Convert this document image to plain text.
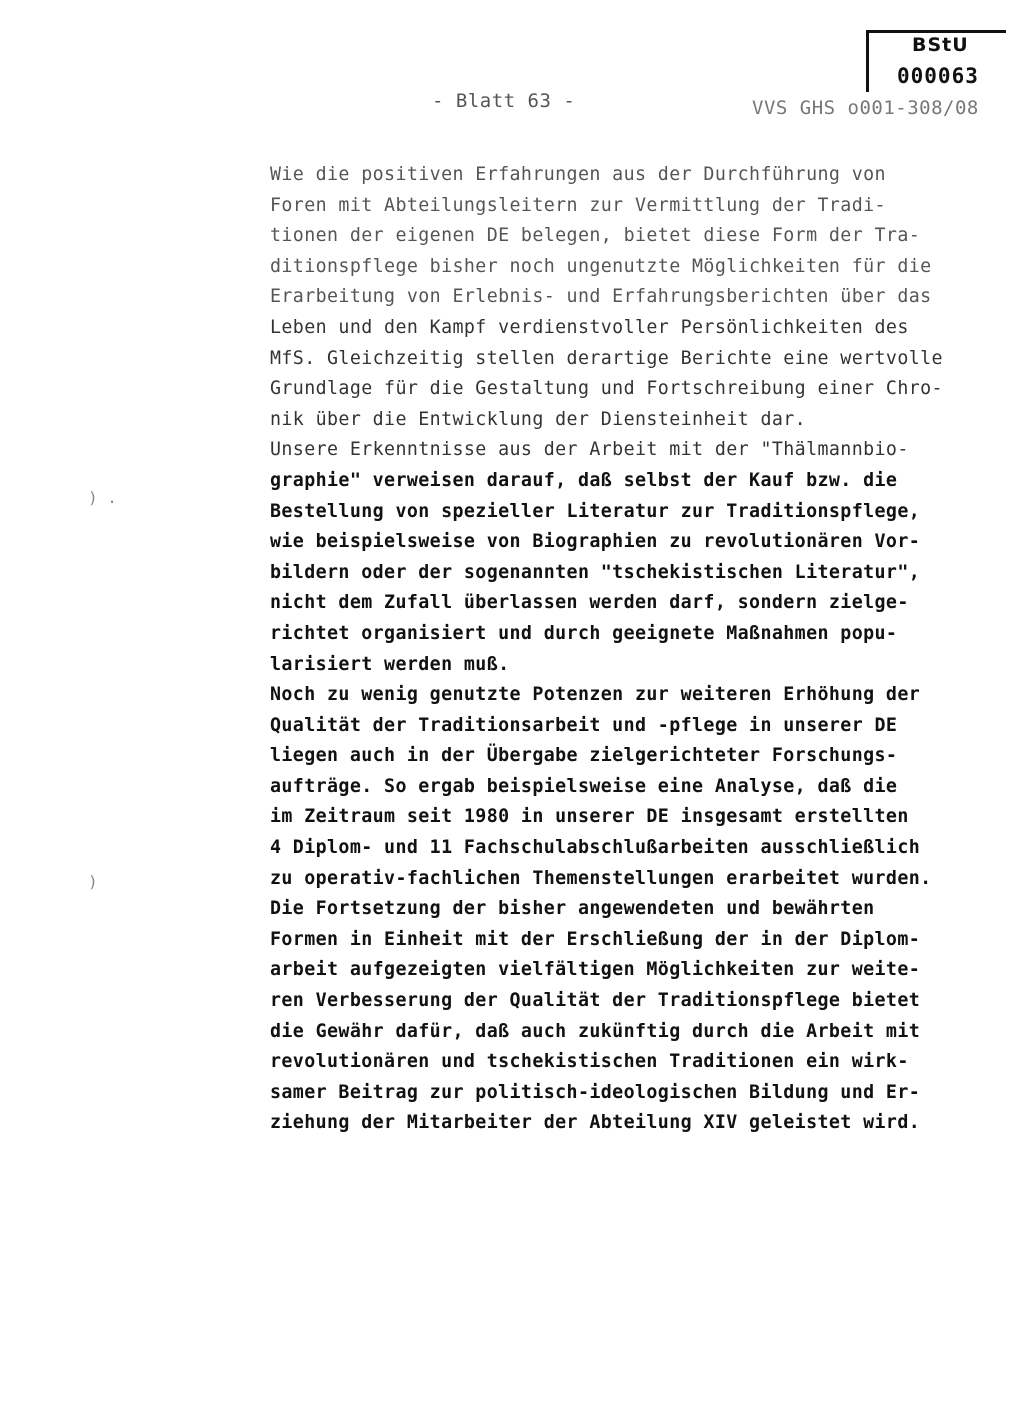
BStU
000063
- Blatt 63 -	VVS GHS o001-308/08
) .
)
Wie die positiven Erfahrungen aus der Durchführung von
Foren mit Abteilungsleitern zur Vermittlung der Tradi-
tionen der eigenen DE belegen, bietet diese Form der Tra-
ditionspflege bisher noch ungenutzte Möglichkeiten für die
Erarbeitung von Erlebnis- und Erfahrungsberichten über das
Leben und den Kampf verdienstvoller Persönlichkeiten des
MfS. Gleichzeitig stellen derartige Berichte eine wertvolle
Grundlage für die Gestaltung und Fortschreibung einer Chro-
nik über die Entwicklung der Diensteinheit dar.
Unsere Erkenntnisse aus der Arbeit mit der "Thälmannbio-
graphie" verweisen darauf, daß selbst der Kauf bzw. die
Bestellung von spezieller Literatur zur Traditionspflege,
wie beispielsweise von Biographien zu revolutionären Vor-
bildern oder der sogenannten "tschekistischen Literatur",
nicht dem Zufall überlassen werden darf, sondern zielge-
richtet organisiert und durch geeignete Maßnahmen popu-
larisiert werden muß.
Noch zu wenig genutzte Potenzen zur weiteren Erhöhung der
Qualität der Traditionsarbeit und -pflege in unserer DE
liegen auch in der Übergabe zielgerichteter Forschungs-
aufträge. So ergab beispielsweise eine Analyse, daß die
im Zeitraum seit 1980 in unserer DE insgesamt erstellten
4 Diplom- und 11 Fachschulabschlußarbeiten ausschließlich
zu operativ-fachlichen Themenstellungen erarbeitet wurden.
Die Fortsetzung der bisher angewendeten und bewährten
Formen in Einheit mit der Erschließung der in der Diplom-
arbeit aufgezeigten vielfältigen Möglichkeiten zur weite-
ren Verbesserung der Qualität der Traditionspflege bietet
die Gewähr dafür, daß auch zukünftig durch die Arbeit mit
revolutionären und tschekistischen Traditionen ein wirk-
samer Beitrag zur politisch-ideologischen Bildung und Er-
ziehung der Mitarbeiter der Abteilung XIV geleistet wird.
